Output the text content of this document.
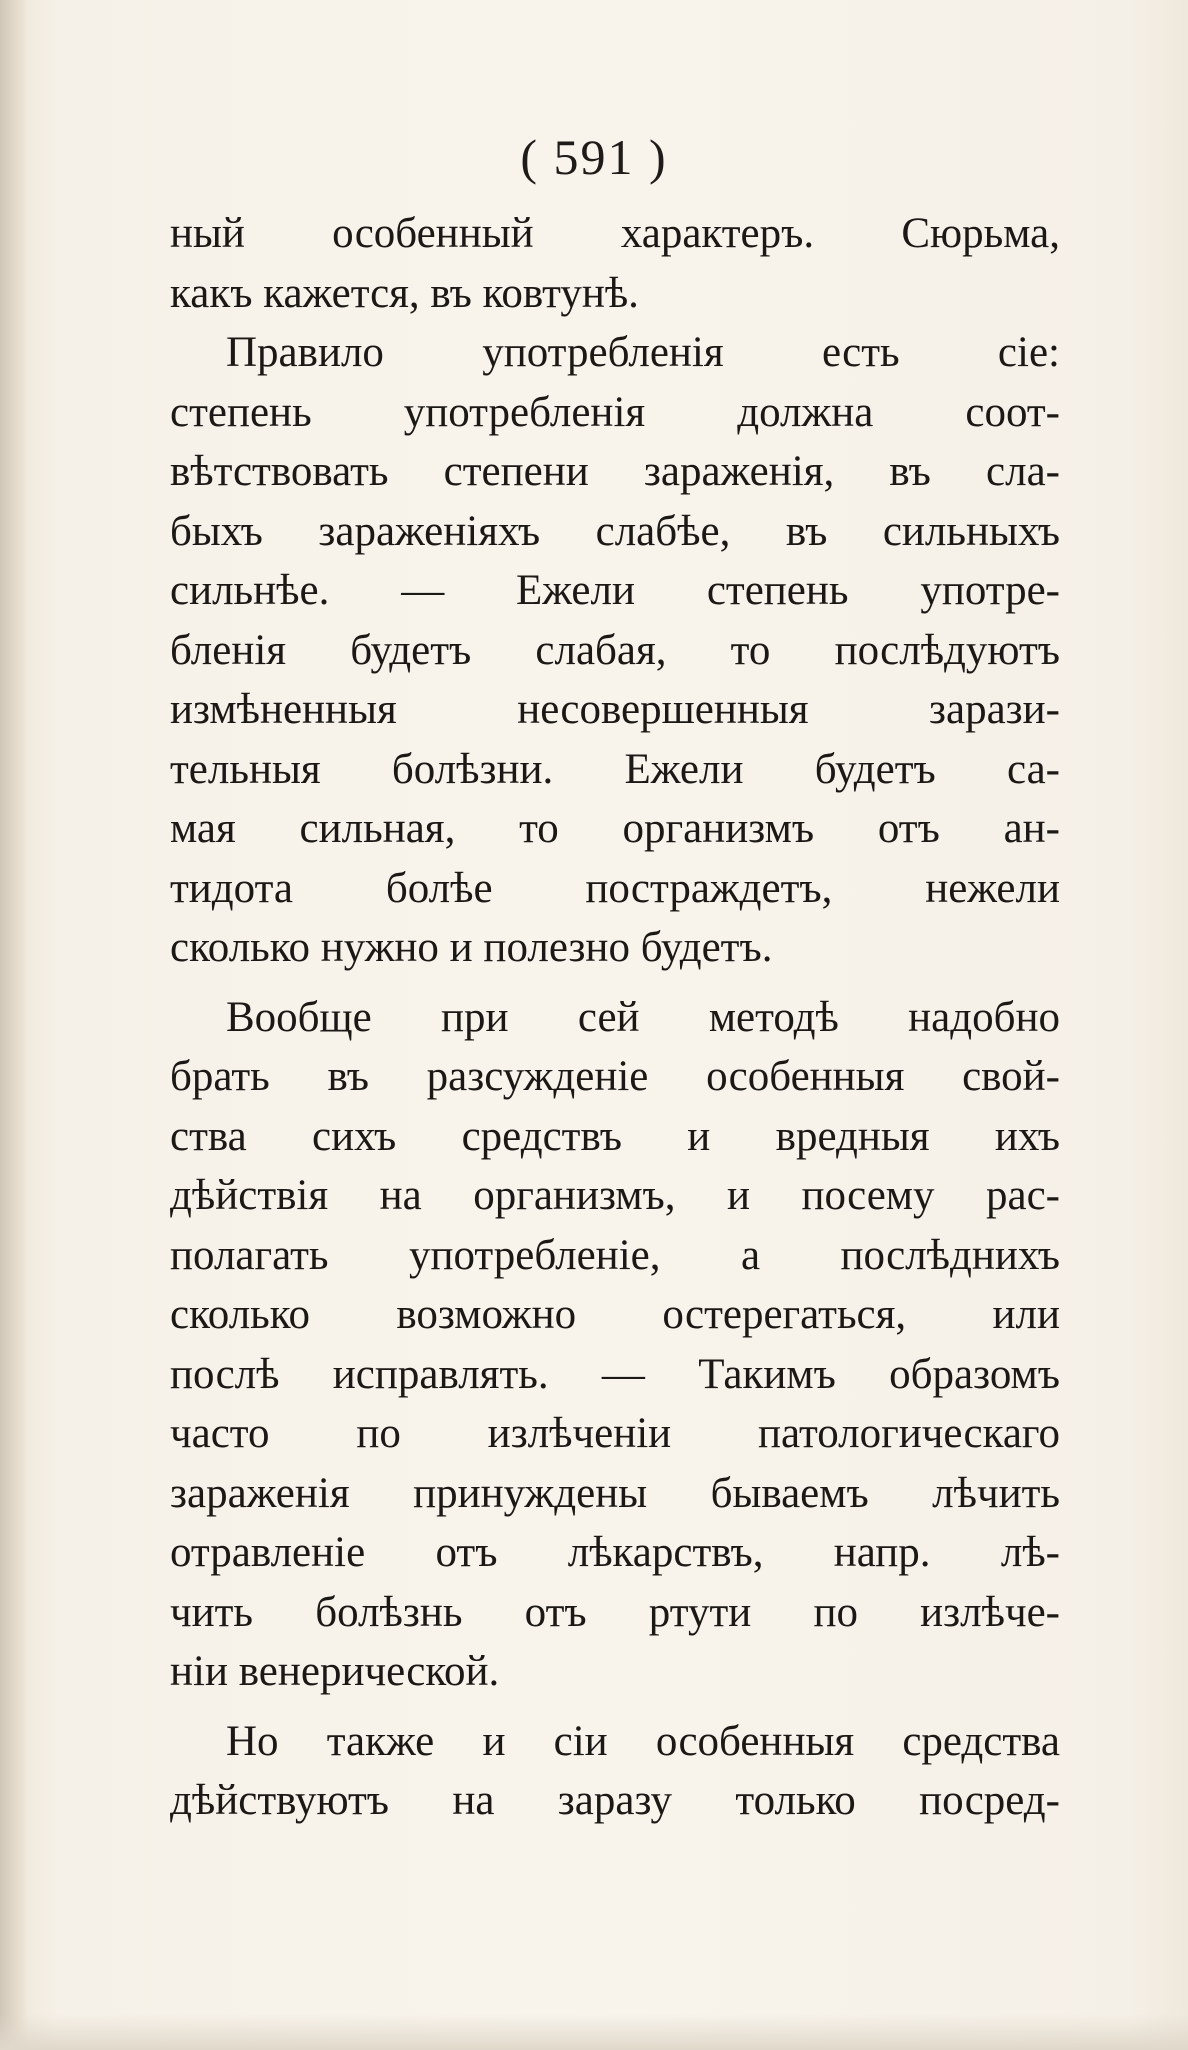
( 591 )
ный особенный характеръ. Сюрьма,
какъ кажется, въ ковтунѣ.
Правило употребленія есть сіе:
степень употребленія должна соот-
вѣтствовать степени зараженія, въ сла-
быхъ зараженіяхъ слабѣе, въ сильныхъ
сильнѣе. — Ежели степень употре-
бленія будетъ слабая, то послѣдуютъ
измѣненныя несовершенныя зарази-
тельныя болѣзни. Ежели будетъ са-
мая сильная, то организмъ отъ ан-
тидота болѣе постраждетъ, нежели
сколько нужно и полезно будетъ.
Вообще при сей методѣ надобно
брать въ разсужденіе особенныя свой-
ства сихъ средствъ и вредныя ихъ
дѣйствія на организмъ, и посему рас-
полагать употребленіе, а послѣднихъ
сколько возможно остерегаться, или
послѣ исправлять. — Такимъ образомъ
часто по излѣченіи патологическаго
зараженія принуждены бываемъ лѣчить
отравленіе отъ лѣкарствъ, напр. лѣ-
чить болѣзнь отъ ртути по излѣче-
ніи венерической.
Но также и сіи особенныя средства
дѣйствуютъ на заразу только посред-
